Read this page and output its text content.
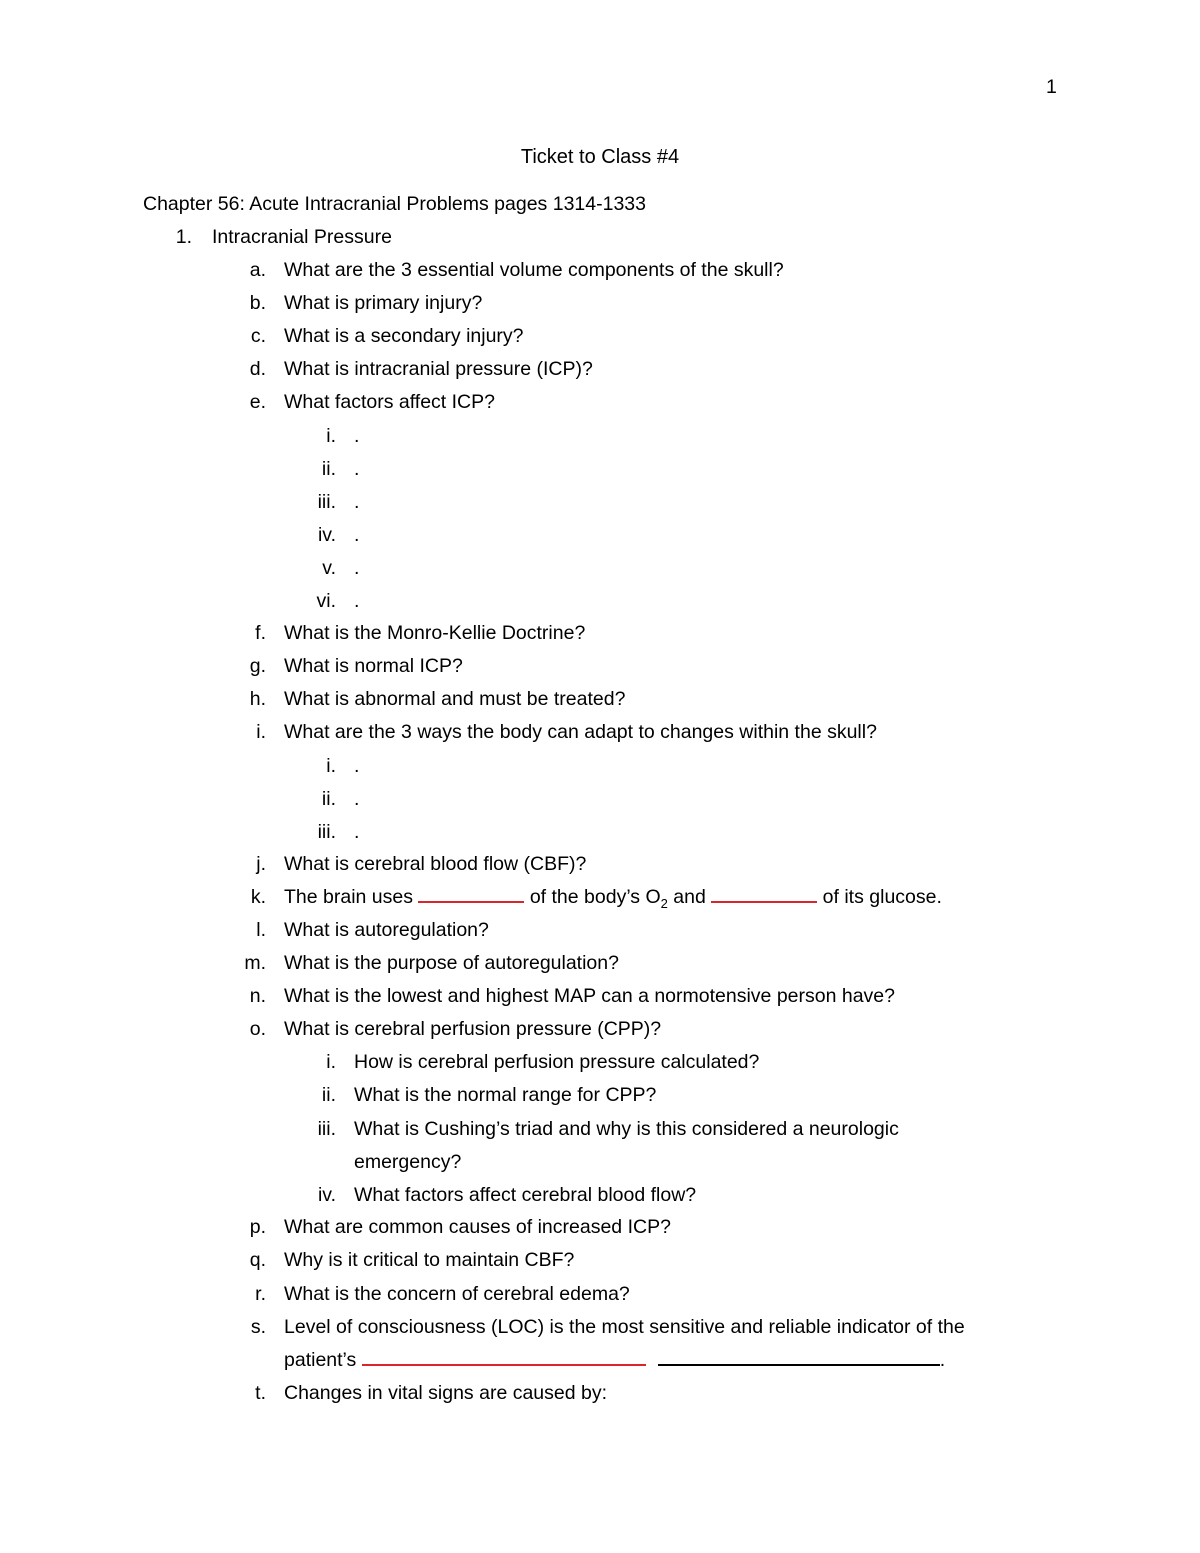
1
Ticket to Class #4
Chapter 56: Acute Intracranial Problems pages 1314-1333
1. Intracranial Pressure
a. What are the 3 essential volume components of the skull?
b. What is primary injury?
c. What is a secondary injury?
d. What is intracranial pressure (ICP)?
e. What factors affect ICP?
i. .
ii. .
iii. .
iv. .
v. .
vi. .
f. What is the Monro-Kellie Doctrine?
g. What is normal ICP?
h. What is abnormal and must be treated?
i. What are the 3 ways the body can adapt to changes within the skull?
i. .
ii. .
iii. .
j. What is cerebral blood flow (CBF)?
k. The brain uses	of the body’s $O_2$ and	of its glucose.
l. What is autoregulation?
m. What is the purpose of autoregulation?
n. What is the lowest and highest MAP can a normotensive person have?
o. What is cerebral perfusion pressure (CPP)?
i. How is cerebral perfusion pressure calculated?
ii. What is the normal range for CPP?
iii. What is Cushing’s triad and why is this considered a neurologic
emergency?
iv. What factors affect cerebral blood flow?
p. What are common causes of increased ICP?
q. Why is it critical to maintain CBF?
r. What is the concern of cerebral edema?
s. Level of consciousness (LOC) is the most sensitive and reliable indicator of the
patient’s	.
t. Changes in vital signs are caused by:
